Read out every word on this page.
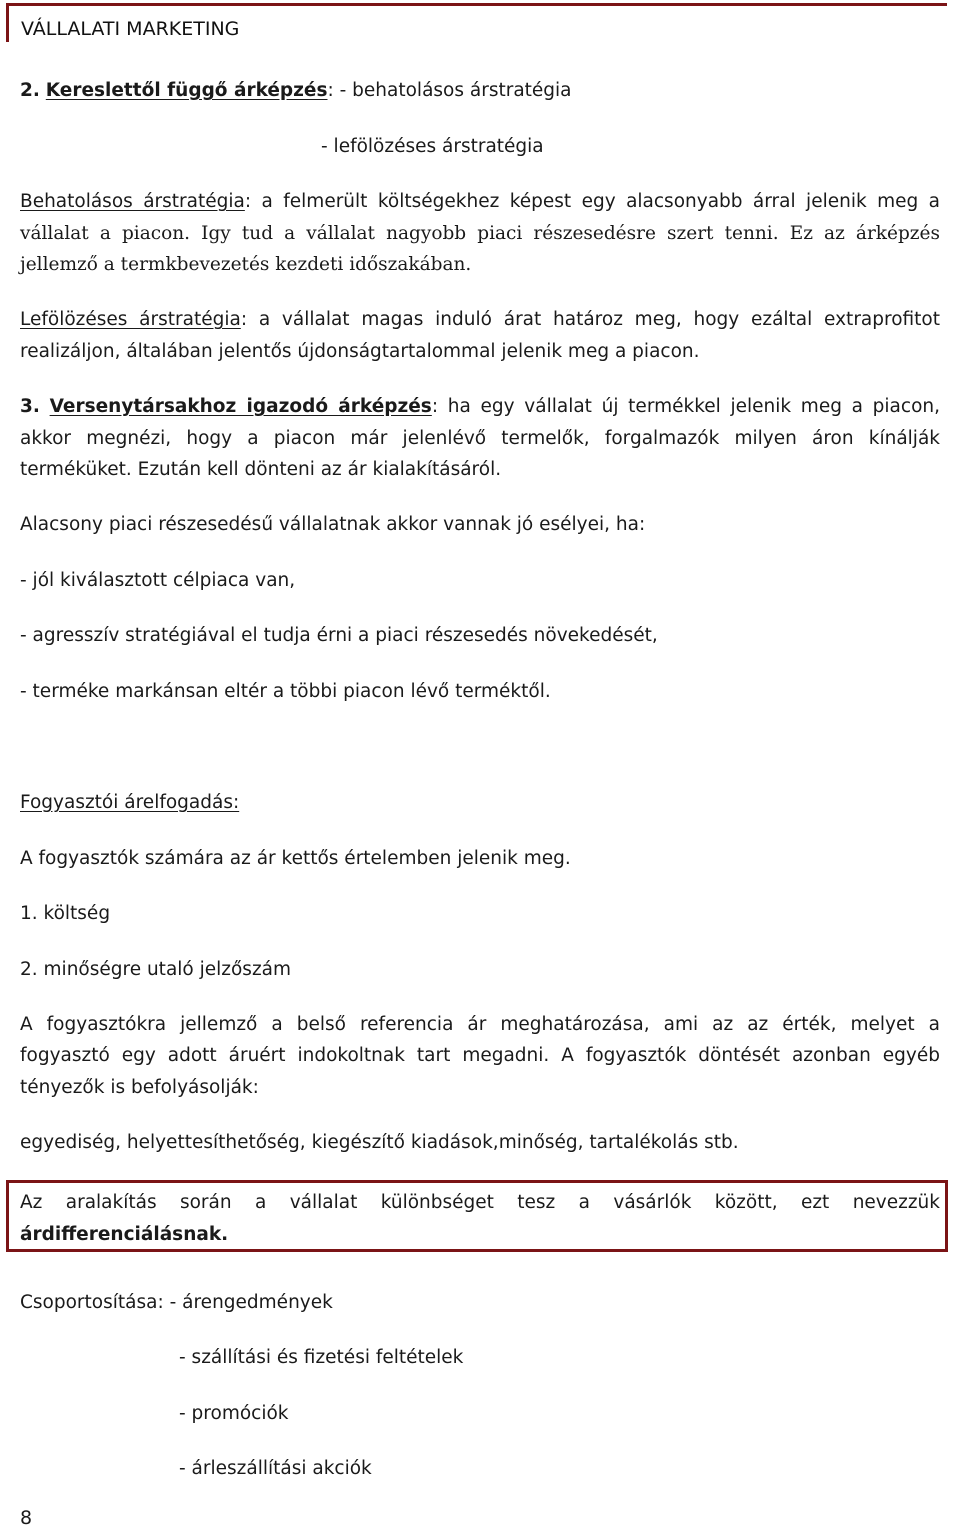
VÁLLALATI MARKETING
2. Kereslettől függő árképzés: - behatolásos árstratégia
- lefölözéses árstratégia
Behatolásos árstratégia: a felmerült költségekhez képest egy alacsonyabb árral jelenik meg a
vállalat a piacon. Igy tud a vállalat nagyobb piaci részesedésre szert tenni. Ez az árképzés
jellemző a termkbevezetés kezdeti időszakában.
Lefölözéses árstratégia: a vállalat magas induló árat határoz meg, hogy ezáltal extraprofitot
realizáljon, általában jelentős újdonságtartalommal jelenik meg a piacon.
3. Versenytársakhoz igazodó árképzés: ha egy vállalat új termékkel jelenik meg a piacon,
akkor megnézi, hogy a piacon már jelenlévő termelők, forgalmazók milyen áron kínálják
terméküket. Ezután kell dönteni az ár kialakításáról.
Alacsony piaci részesedésű vállalatnak akkor vannak jó esélyei, ha:
- jól kiválasztott célpiaca van,
- agresszív stratégiával el tudja érni a piaci részesedés növekedését,
- terméke markánsan eltér a többi piacon lévő terméktől.
Fogyasztói árelfogadás:
A fogyasztók számára az ár kettős értelemben jelenik meg.
1. költség
2. minőségre utaló jelzőszám
A fogyasztókra jellemző a belső referencia ár meghatározása, ami az az érték, melyet a
fogyasztó egy adott áruért indokoltnak tart megadni. A fogyasztók döntését azonban egyéb
tényezők is befolyásolják:
egyediség, helyettesíthetőség, kiegészítő kiadások,minőség, tartalékolás stb.
Az aralakítás során a vállalat különbséget tesz a vásárlók között, ezt nevezzük
árdifferenciálásnak.
Csoportosítása: - árengedmények
- szállítási és fizetési feltételek
- promóciók
- árleszállítási akciók
8
